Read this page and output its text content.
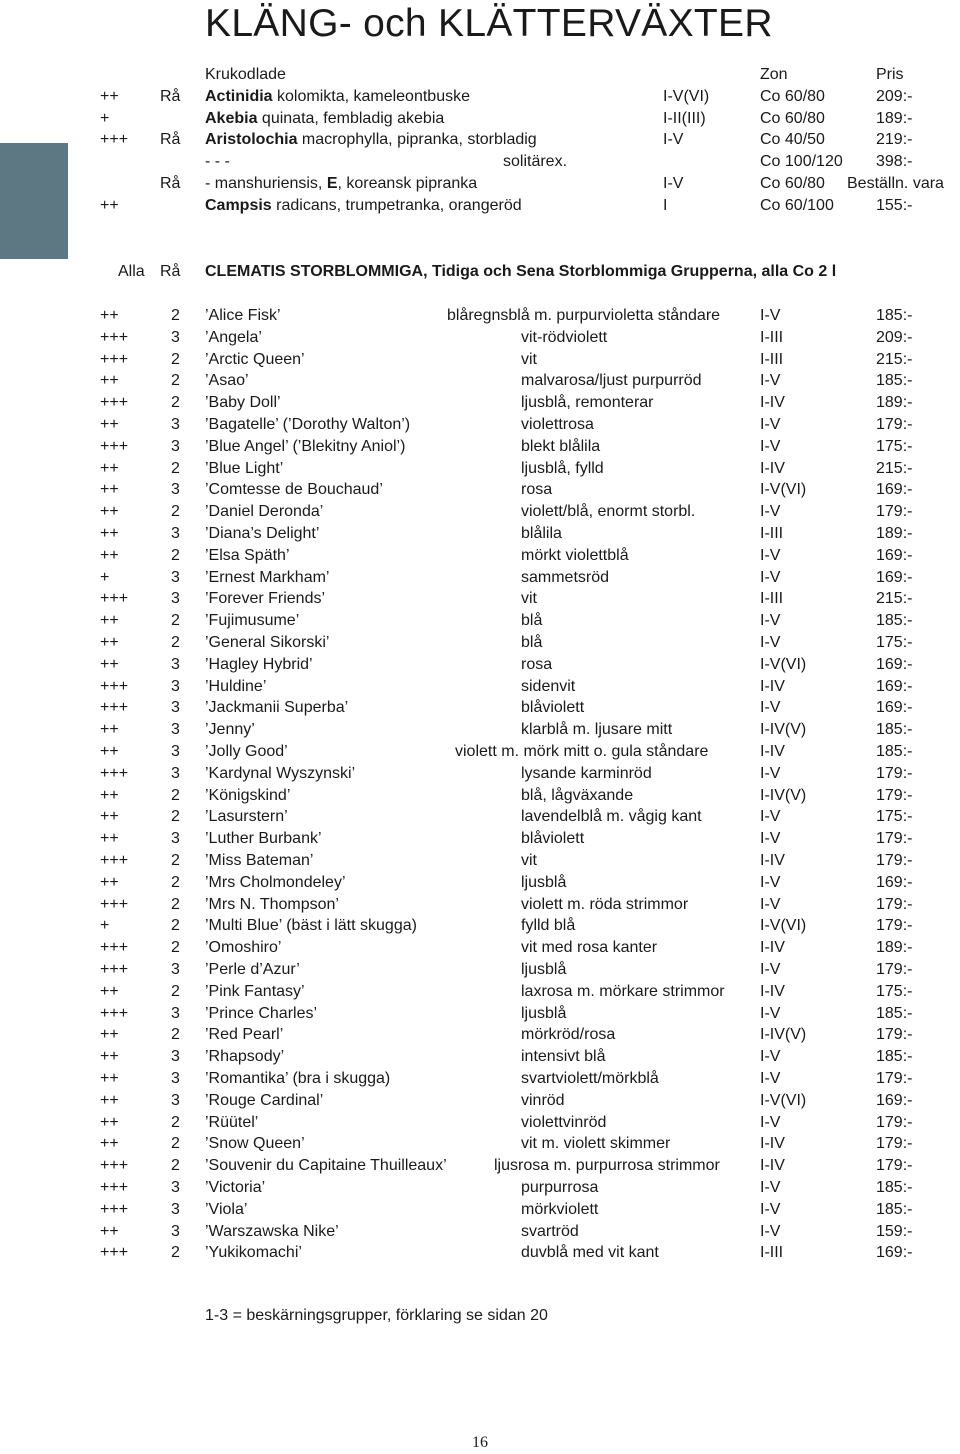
KLÄNG- och KLÄTTERVÄXTER
Krukodlade	Zon	Pris
++	Rå Actinidia kolomikta, kameleontbuske	I-V(VI)	Co 60/80	209:-
+	Akebia quinata, fembladig akebia	I-II(III)	Co 60/80	189:-
+++ Rå Aristolochia macrophylla, pipranka, storbladig	I-V	Co 40/50	219:-
- - -	solitärex.	Co 100/120 398:-
Rå - manshuriensis, E, koreansk pipranka	I-V	Co 60/80 Beställn. vara
++	Campsis radicans, trumpetranka, orangeröd	I	Co 60/100	155:-
Alla Rå CLEMATIS STORBLOMMIGA, Tidiga och Sena Storblommiga Grupperna, alla Co 2 l
++	2 ’Alice Fisk’	blåregnsblå m. purpurvioletta ståndare I-V	185:-
+++	3 ’Angela’	vit-rödviolett	I-III	209:-
+++	2 ’Arctic Queen’	vit	I-III	215:-
++	2 ’Asao’	malvarosa/ljust purpurröd	I-V	185:-
+++	2 ’Baby Doll’	ljusblå, remonterar	I-IV	189:-
++	3 ’Bagatelle’ (’Dorothy Walton’)	violettrosa	I-V	179:-
+++	3 ’Blue Angel’ (’Blekitny Aniol’)	blekt blålila	I-V	175:-
++	2 ’Blue Light’	ljusblå, fylld	I-IV	215:-
++	3 ’Comtesse de Bouchaud’	rosa	I-V(VI)	169:-
++	2 ’Daniel Deronda’	violett/blå, enormt storbl.	I-V	179:-
++	3 ’Diana’s Delight’	blålila	I-III	189:-
++	2 ’Elsa Späth’	mörkt violettblå	I-V	169:-
+	3 ’Ernest Markham’	sammetsröd	I-V	169:-
+++	3 ’Forever Friends’	vit	I-III	215:-
++	2 ’Fujimusume’	blå	I-V	185:-
++	2 ’General Sikorski’	blå	I-V	175:-
++	3 ’Hagley Hybrid’	rosa	I-V(VI)	169:-
+++	3 ’Huldine’	sidenvit	I-IV	169:-
+++	3 ’Jackmanii Superba’	blåviolett	I-V	169:-
++	3 ’Jenny’	klarblå m. ljusare mitt	I-IV(V)	185:-
++	3 ’Jolly Good’	violett m. mörk mitt o. gula ståndare	I-IV	185:-
+++	3 ’Kardynal Wyszynski’	lysande karminröd	I-V	179:-
++	2 ’Königskind’	blå, lågväxande	I-IV(V)	179:-
++	2 ’Lasurstern’	lavendelblå m. vågig kant	I-V	175:-
++	3 ’Luther Burbank’	blåviolett	I-V	179:-
+++	2 ’Miss Bateman’	vit	I-IV	179:-
++	2 ’Mrs Cholmondeley’	ljusblå	I-V	169:-
+++	2 ’Mrs N. Thompson’	violett m. röda strimmor	I-V	179:-
+	2 ’Multi Blue’ (bäst i lätt skugga)	fylld blå	I-V(VI)	179:-
+++	2 ’Omoshiro’	vit med rosa kanter	I-IV	189:-
+++	3 ’Perle d’Azur’	ljusblå	I-V	179:-
++	2 ’Pink Fantasy’	laxrosa m. mörkare strimmor I-IV	175:-
+++	3 ’Prince Charles’	ljusblå	I-V	185:-
++	2 ’Red Pearl’	mörkröd/rosa	I-IV(V)	179:-
++	3 ’Rhapsody’	intensivt blå	I-V	185:-
++	3 ’Romantika’ (bra i skugga)	svartviolett/mörkblå	I-V	179:-
++	3 ’Rouge Cardinal’	vinröd	I-V(VI)	169:-
++	2 ’Rüütel’	violettvinröd	I-V	179:-
++	2 ’Snow Queen’	vit m. violett skimmer	I-IV	179:-
+++	2 ’Souvenir du Capitaine Thuilleaux’	ljusrosa m. purpurrosa strimmor	I-IV	179:-
+++	3 ’Victoria’	purpurrosa	I-V	185:-
+++	3 ’Viola’	mörkviolett	I-V	185:-
++	3 ’Warszawska Nike’	svartröd	I-V	159:-
+++	2 ’Yukikomachi’	duvblå med vit kant	I-III	169:-
1-3 = beskärningsgrupper, förklaring se sidan 20
16
